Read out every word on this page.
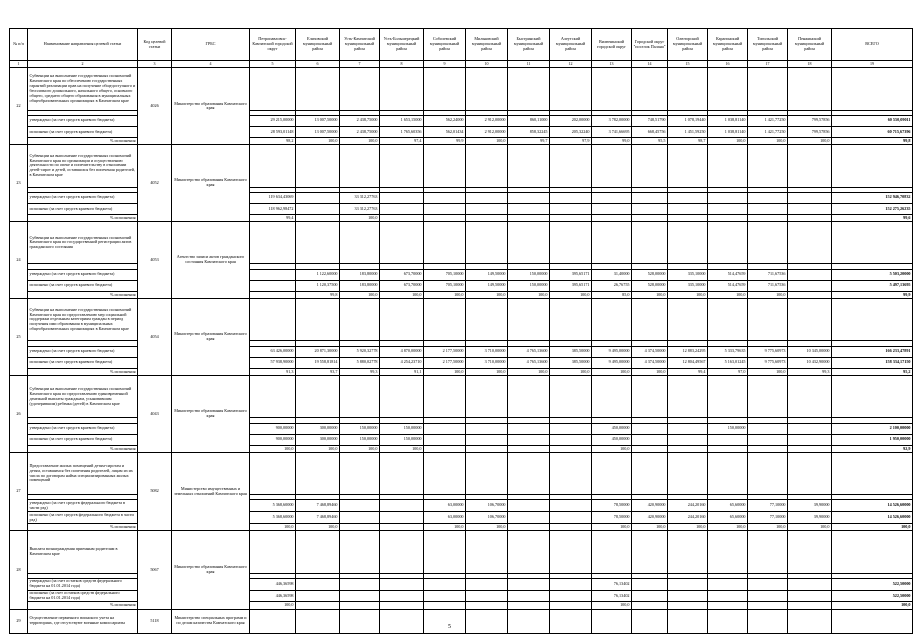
№ п/п	Наименование направления целевой статьи	Код целевой статьи	ГРБС	Петропавловск-Камчатский городской округ	Елизовский муниципальный район	Усть-Камчатский муниципальный район	Усть-Большерецкий муниципальный район	Соболевский муниципальный район	Мильковский муниципальный район	Быстринский муниципальный район	Алеутский муниципальный район	Вилючинский городской округ	Городской округ "поселок Палана"	Олюторский муниципальный район	Карагинский муниципальный район	Тигильский муниципальный район	Пенжинский муниципальный район	ВСЕГО
1	2	3	4	5	6	7	8	9	10	11	12	13	14	15	16	17	18	19
22	Субвенции на выполнение государственных полномочий Камчатского края по обеспечению государственных гарантий реализации прав на получение общедоступного и бесплатного дошкольного, начального общего, основного общего, среднего общего образования в муниципальных общеобразовательных организациях в Камчатском крае	4026	Министерство образования Камчатского края															

	утверждено (за счет средств краевого бюджета)			29 215,00000	13 007,50000	2 438,75000	1 653,15000	562,24000	2 912,00000	860,11000	202,00000	3 782,00000	748,51790	1 078,19440	1 038,81140	1 421,77250	799,57856	60 550,09011
	исполнено (за счет средств краевого бюджета)			28 593,01148	13 007,50000	2 438,75000	1 765,60356	562,01434	2 912,00000	858,32245	205,32240	3 741,66695	668,45756	1 451,59250	1 038,81140	1 421,77250	799,57856	60 715,67396
	% исполнения			98,2	100,0	100,0	97,4	99,9	100,0	99,7	97,9	99,0	95,5	98,7	100,0	100,0	100,0	99,8
23	Субвенции на выполнение государственных полномочий Камчатского края по организации и осуществлению деятельности по опеке и попечительству в отношении детей-сирот и детей, оставшихся без попечения родителей, в Камчатском крае	4052	Министерство образования Камчатского края															

	утверждено (за счет средств краевого бюджета)			119 634,43069		33 312,27763												152 946,70832
	исполнено (за счет средств краевого бюджета)			118 962,98472		33 312,27763												152 275,26235
	% исполнения			99,4		100,0												99,6
24	Субвенции на выполнение государственных полномочий Камчатского края по государственной регистрации актов гражданского состояния	4053	Агентство записи актов гражданского состояния Камчатского края															

	утверждено (за счет средств краевого бюджета)				1 122,60000	183,80000	673,70000	705,10000	149,50000	150,00000	395,65171	31,40000	528,00000	335,10000	514,47659	711,67536		5 503,20000
	исполнено (за счет средств краевого бюджета)				1 120,37500	183,80000	673,70000	705,10000	149,50000	150,00000	395,65171	26,76755	528,00000	335,10000	514,47659	711,67536		5 497,13695
	% исполнения				99,8	100,0	100,0	100,0	100,0	100,0	100,0	85,0	100,0	100,0	100,0	100,0		99,9
25	Субвенции на выполнение государственных полномочий Камчатского края по предоставлению мер социальной поддержки отдельным категориям граждан в период получения ими образования в муниципальных общеобразовательных организациях в Камчатском крае	4054	Министерство образования Камчатского края															

	утверждено (за счет средств краевого бюджета)			63 426,00000	20 871,30000	5 920,32778	4 870,00000	2 177,50000	3 710,00000	4 765,13600	385,50000	9 495,00000	4 374,50000	12 883,24295	5 333,79635	9 775,60973	10 345,00000	166 233,47891
	исполнено (за счет средств краевого бюджета)			57 938,90000	19 558,81814	5 880,02778	4 254,23710	2 177,50000	3 710,00000	4 765,13600	385,50000	9 495,00000	4 374,50000	12 804,49567	5 163,01245	9 775,60973	10 432,90000	158 334,17150
	% исполнения			91,3	93,7	99,3	91,1	100,0	100,0	100,0	100,0	100,0	100,0	99,4	97,0	100,0	99,3	95,2
26	Субвенции на выполнение государственных полномочий Камчатского края по предоставлению единовременной денежной выплаты гражданам, усыновившим (удочерившим) ребенка (детей) в Камчатском крае	4043	Министерство образования Камчатского края															

	утверждено (за счет средств краевого бюджета)			900,00000	300,00000	150,00000	150,00000					450,00000			150,00000			2 100,00000
	исполнено (за счет средств краевого бюджета)			900,00000	300,00000	150,00000	150,00000					450,00000						1 950,00000
	% исполнения			100,0	100,0	100,0	100,0					100,0						92,9
27	Предоставление жилых помещений детям-сиротам и детям, оставшимся без попечения родителей, лицам из их числа по договорам найма специализированных жилых помещений	5082	Министерство имущественных и земельных отношений Камчатского края															

	утверждено (за счет средств федерального бюджета в части рзд)			5 368,60000	7 468,89460			63,00000	106,70000			78,50000	420,90000	244,20160	65,60000	77,10000	39,90000	14 526,60000
	исполнено (за счет средств федерального бюджета в части рзд)			5 368,60000	7 468,89460			63,00000	106,70000			78,50000	420,90000	244,20160	65,60000	77,10000	39,90000	14 526,60000
	% исполнения			100,0	100,0			100,0	100,0			100,0	100,0	100,0	100,0	100,0	100,0	100,0
28	Выплата вознаграждения приемным родителям в Камчатском крае	5067	Министерство образования Камчатского края															

	утверждено (за счет остатков средств федерального бюджета на 01.01.2014 года)			446,36598								76,13402						522,50000
	исполнено (за счет остатков средств федерального бюджета на 01.01.2014 года)			446,36598								76,13402						522,50000
	% исполнения			100,0								100,0						100,0
29	Осуществление первичного воинского учета на территориях, где отсутствуют военные комиссариаты	5118	Министерство специальных программ и по делам казачества Камчатского края															
5
